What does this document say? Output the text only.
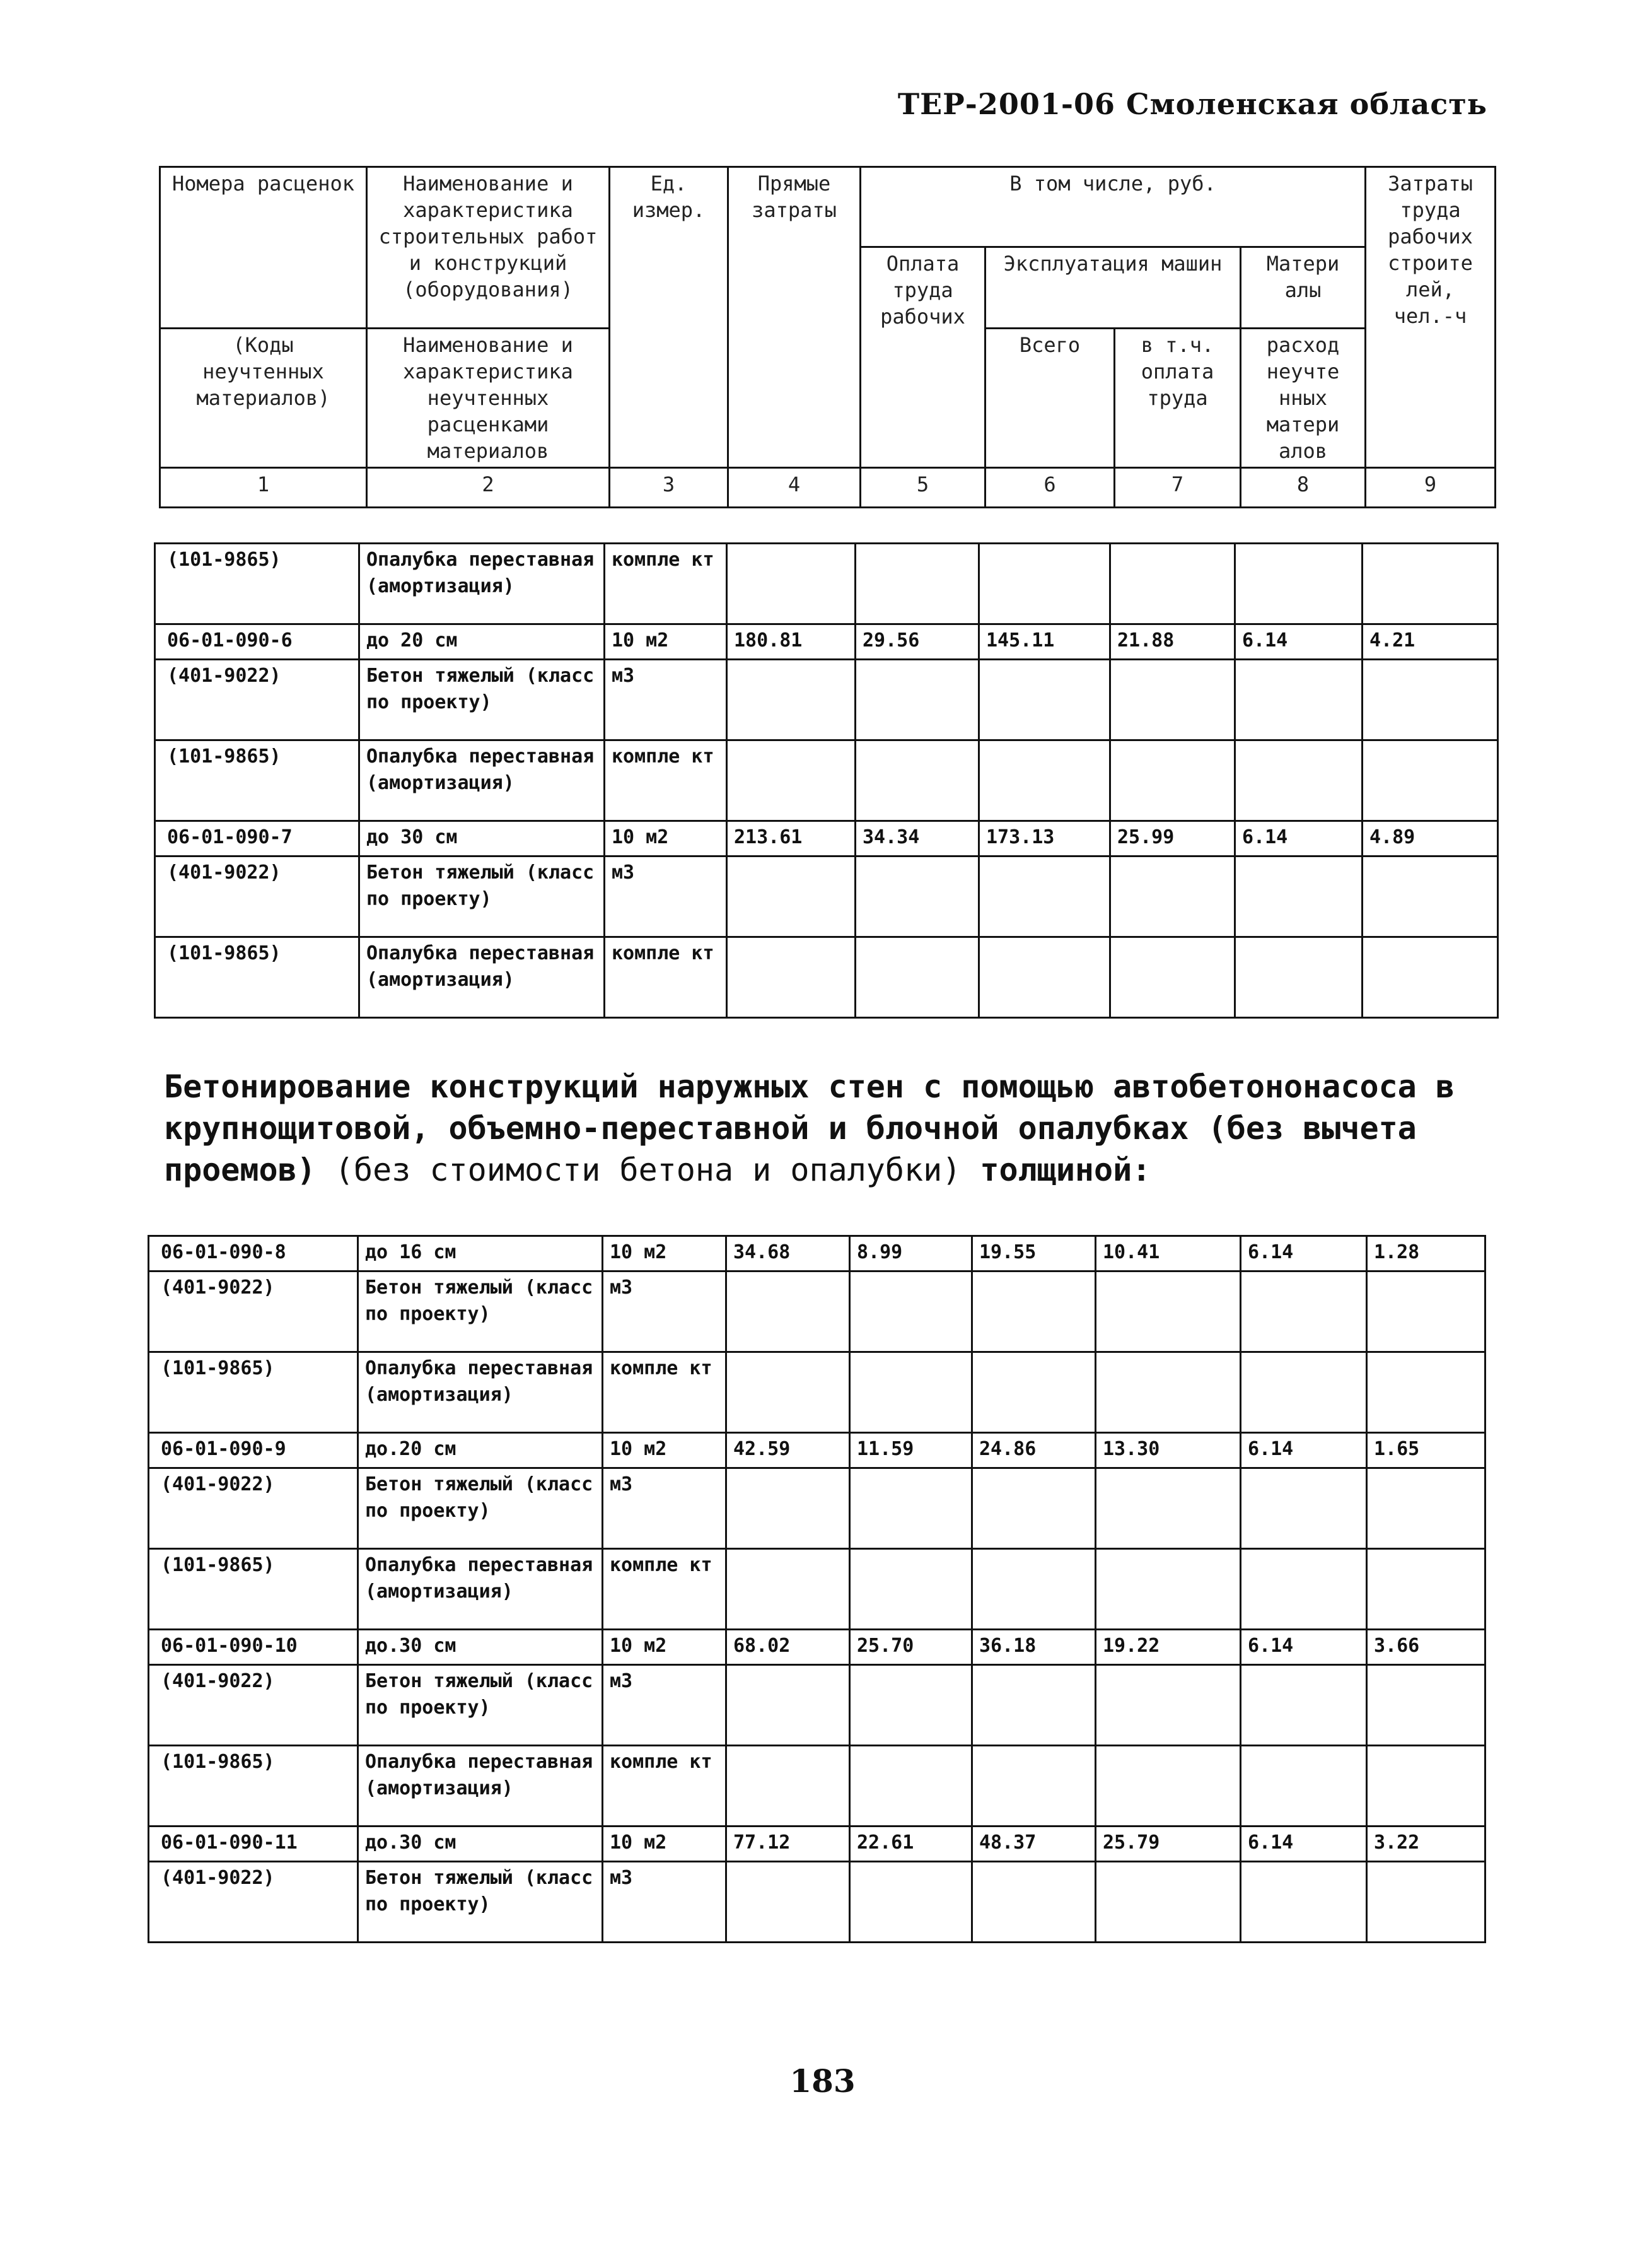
ТЕР-2001-06 Смоленская область
Номера расценок	Наименование и характеристика строительных работ и конструкций (оборудования)	Ед. измер.	Прямые затраты	В том числе, руб.				Затраты труда рабочих строите лей, чел.-ч
				Оплата труда рабочих	Эксплуатация машин		Матери алы	
(Коды неучтенных материалов)	Наименование и характеристика неучтенных расценками материалов				Всего	в т.ч. оплата труда	расход неучте нных матери алов	
1	2	3	4	5	6	7	8	9
(101-9865)	Опалубка переставная (амортизация)	компле кт						
06-01-090-6	до 20 см	10 м2	180.81	29.56	145.11	21.88	6.14	4.21
(401-9022)	Бетон тяжелый (класс по проекту)	м3						
(101-9865)	Опалубка переставная (амортизация)	компле кт						
06-01-090-7	до 30 см	10 м2	213.61	34.34	173.13	25.99	6.14	4.89
(401-9022)	Бетон тяжелый (класс по проекту)	м3						
(101-9865)	Опалубка переставная (амортизация)	компле кт						
Бетонирование конструкций наружных стен с помощью автобетононасоса в крупнощитовой, объемно-переставной и блочной опалубках (без вычета проемов) (без стоимости бетона и опалубки) толщиной:
06-01-090-8	до 16 см	10 м2	34.68	8.99	19.55	10.41	6.14	1.28
(401-9022)	Бетон тяжелый (класс по проекту)	м3						
(101-9865)	Опалубка переставная (амортизация)	компле кт						
06-01-090-9	до.20 см	10 м2	42.59	11.59	24.86	13.30	6.14	1.65
(401-9022)	Бетон тяжелый (класс по проекту)	м3						
(101-9865)	Опалубка переставная (амортизация)	компле кт						
06-01-090-10	до.30 см	10 м2	68.02	25.70	36.18	19.22	6.14	3.66
(401-9022)	Бетон тяжелый (класс по проекту)	м3						
(101-9865)	Опалубка переставная (амортизация)	компле кт						
06-01-090-11	до.30 см	10 м2	77.12	22.61	48.37	25.79	6.14	3.22
(401-9022)	Бетон тяжелый (класс по проекту)	м3						
183
